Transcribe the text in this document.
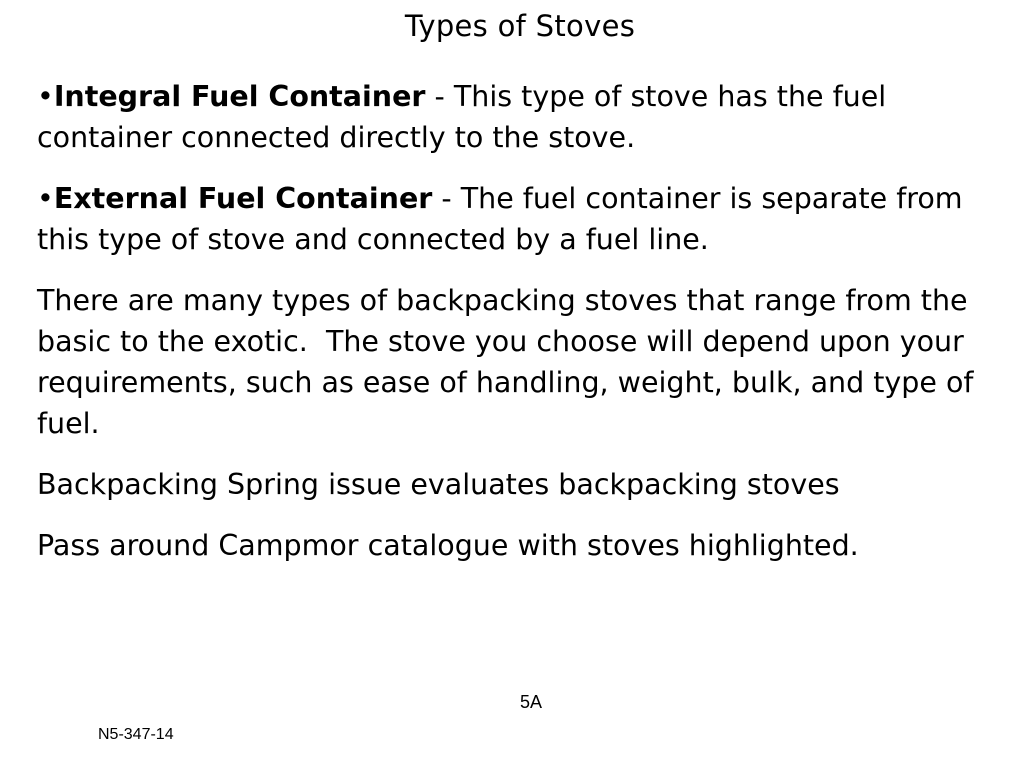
Types of Stoves

•Integral Fuel Container - This type of stove has the fuel container connected directly to the stove.

•External Fuel Container - The fuel container is separate from this type of stove and connected by a fuel line.

There are many types of backpacking stoves that range from the basic to the exotic.  The stove you choose will depend upon your requirements, such as ease of handling, weight, bulk, and type of fuel.

Backpacking Spring issue evaluates backpacking stoves

Pass around Campmor catalogue with stoves highlighted.

5A
N5-347-14
